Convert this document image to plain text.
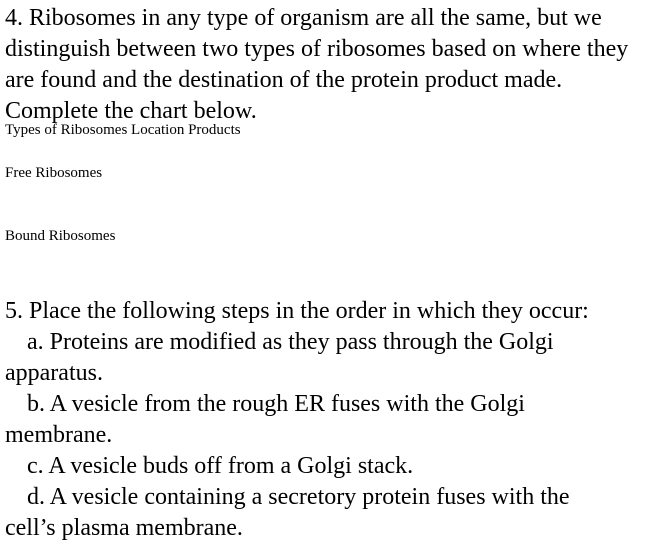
4. Ribosomes in any type of organism are all the same, but we
distinguish between two types of ribosomes based on where they
are found and the destination of the protein product made.
Complete the chart below.
Types of Ribosomes Location Products
Free Ribosomes
Bound Ribosomes
5. Place the following steps in the order in which they occur:
a. Proteins are modified as they pass through the Golgi
apparatus.
b. A vesicle from the rough ER fuses with the Golgi
membrane.
c. A vesicle buds off from a Golgi stack.
d. A vesicle containing a secretory protein fuses with the
cell’s plasma membrane.
